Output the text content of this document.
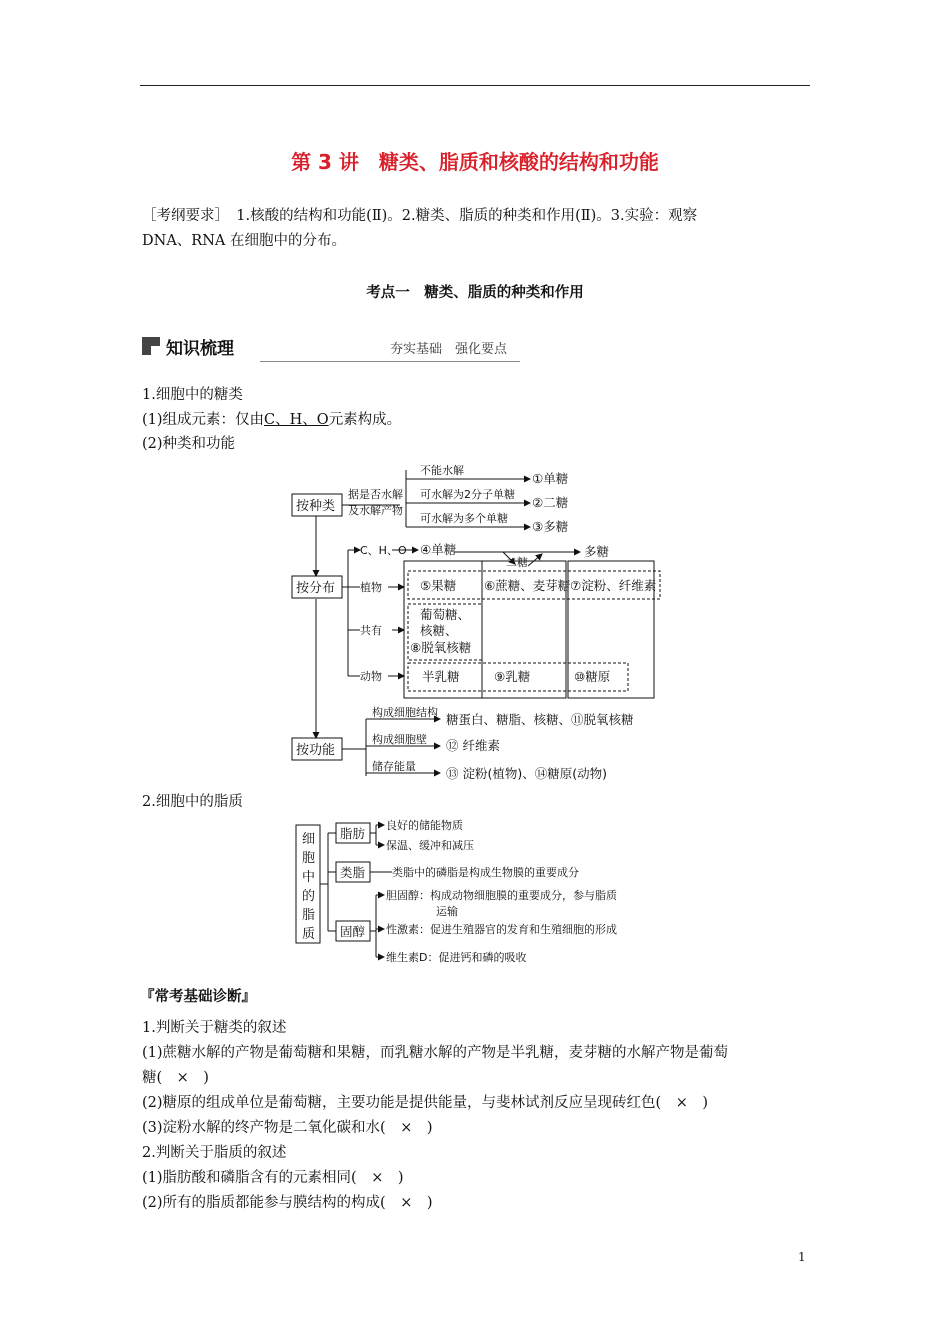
第 3 讲　糖类、脂质和核酸的结构和功能
［考纲要求］　1.核酸的结构和功能(Ⅱ)。2.糖类、脂质的种类和作用(Ⅱ)。3.实验：观察
DNA、RNA 在细胞中的分布。
考点一　糖类、脂质的种类和作用
知识梳理	夯实基础　强化要点
1.细胞中的糖类
(1)组成元素：仅由C、H、O元素构成。
(2)种类和功能
按种类
据是否水解
及水解产物
不能水解
可水解为2分子单糖
可水解为多个单糖
①单糖
②二糖
③多糖
按分布
C、H、O ④单糖
二糖
多糖
植物
共有
动物
⑤果糖 ⑥蔗糖、麦芽糖 ⑦淀粉、纤维素
葡萄糖、
核糖、
⑧脱氧核糖
半乳糖	⑨乳糖	⑩糖原
按功能
构成细胞结构 糖蛋白、糖脂、核糖、⑪脱氧核糖
构成细胞壁 ⑫ 纤维素
储存能量 ⑬ 淀粉(植物)、⑭糖原(动物)
2.细胞中的脂质
细
胞
中
的
脂
质
脂肪
类脂
固醇
良好的储能物质
保温、缓冲和减压
类脂中的磷脂是构成生物膜的重要成分
胆固醇：构成动物细胞膜的重要成分，参与脂质
运输
性激素：促进生殖器官的发育和生殖细胞的形成
维生素D：促进钙和磷的吸收
『常考基础诊断』
1.判断关于糖类的叙述
(1)蔗糖水解的产物是葡萄糖和果糖，而乳糖水解的产物是半乳糖，麦芽糖的水解产物是葡萄
糖(　×　)
(2)糖原的组成单位是葡萄糖，主要功能是提供能量，与斐林试剂反应呈现砖红色(　×　)
(3)淀粉水解的终产物是二氧化碳和水(　×　)
2.判断关于脂质的叙述
(1)脂肪酸和磷脂含有的元素相同(　×　)
(2)所有的脂质都能参与膜结构的构成(　×　)
1
